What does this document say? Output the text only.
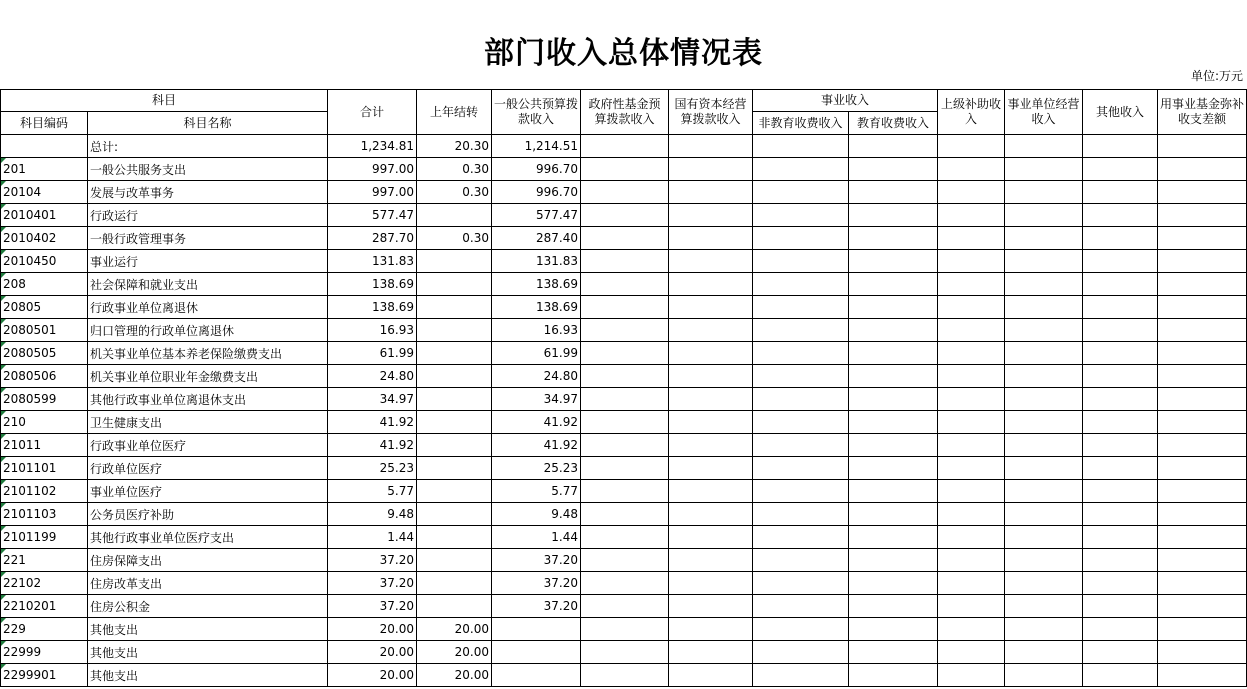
部门收入总体情况表
单位:万元
科目		合计	上年结转	一般公共预算拨款收入	政府性基金预算拨款收入	国有资本经营算拨款收入	事业收入		上级补助收入	事业单位经营收入	其他收入	用事业基金弥补收支差额
科目编码	科目名称						非教育收费收入	教育收费收入				
	总计:	1,234.81	20.30	1,214.51								
201	一般公共服务支出	997.00	0.30	996.70								
20104	发展与改革事务	997.00	0.30	996.70								
2010401	行政运行	577.47		577.47								
2010402	一般行政管理事务	287.70	0.30	287.40								
2010450	事业运行	131.83		131.83								
208	社会保障和就业支出	138.69		138.69								
20805	行政事业单位离退休	138.69		138.69								
2080501	归口管理的行政单位离退休	16.93		16.93								
2080505	机关事业单位基本养老保险缴费支出	61.99		61.99								
2080506	机关事业单位职业年金缴费支出	24.80		24.80								
2080599	其他行政事业单位离退休支出	34.97		34.97								
210	卫生健康支出	41.92		41.92								
21011	行政事业单位医疗	41.92		41.92								
2101101	行政单位医疗	25.23		25.23								
2101102	事业单位医疗	5.77		5.77								
2101103	公务员医疗补助	9.48		9.48								
2101199	其他行政事业单位医疗支出	1.44		1.44								
221	住房保障支出	37.20		37.20								
22102	住房改革支出	37.20		37.20								
2210201	住房公积金	37.20		37.20								
229	其他支出	20.00	20.00									
22999	其他支出	20.00	20.00									
2299901	其他支出	20.00	20.00									
